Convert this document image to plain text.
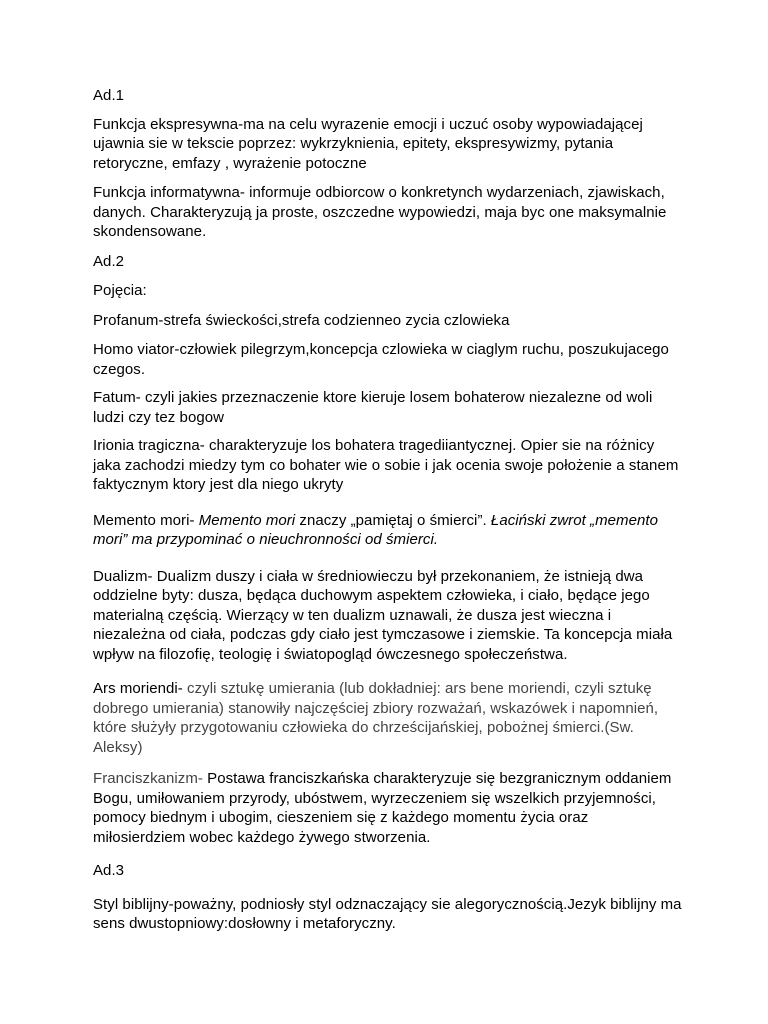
Ad.1

Funkcja ekspresywna-ma na celu wyrazenie emocji i uczuć osoby wypowiadającej ujawnia sie w tekscie poprzez: wykrzyknienia, epitety, ekspresywizmy, pytania retoryczne, emfazy , wyrażenie potoczne

Funkcja informatywna- informuje odbiorcow o konkretynch wydarzeniach, zjawiskach, danych. Charakteryzują ja proste, oszczedne wypowiedzi, maja byc one maksymalnie skondensowane.

Ad.2

Pojęcia:

Profanum-strefa świeckości,strefa codzienneo zycia czlowieka

Homo viator-człowiek pilegrzym,koncepcja czlowieka w ciaglym ruchu, poszukujacego czegos.

Fatum- czyli jakies przeznaczenie ktore kieruje losem bohaterow niezalezne od woli ludzi czy tez bogow

Irionia tragiczna- charakteryzuje los bohatera tragediiantycznej. Opier sie na różnicy jaka zachodzi miedzy tym co bohater wie o sobie i jak ocenia swoje położenie a stanem faktycznym ktory jest dla niego ukryty

Memento mori- Memento mori znaczy „pamiętaj o śmierci”. Łaciński zwrot „memento mori” ma przypominać o nieuchronności od śmierci.

Dualizm- Dualizm duszy i ciała w średniowieczu był przekonaniem, że istnieją dwa oddzielne byty: dusza, będąca duchowym aspektem człowieka, i ciało, będące jego materialną częścią. Wierzący w ten dualizm uznawali, że dusza jest wieczna i niezależna od ciała, podczas gdy ciało jest tymczasowe i ziemskie. Ta koncepcja miała wpływ na filozofię, teologię i światopogląd ówczesnego społeczeństwa.

Ars moriendi- czyli sztukę umierania (lub dokładniej: ars bene moriendi, czyli sztukę dobrego umierania) stanowiły najczęściej zbiory rozważań, wskazówek i napomnień, które służyły przygotowaniu człowieka do chrześcijańskiej, pobożnej śmierci.(Sw. Aleksy)

Franciszkanizm- Postawa franciszkańska charakteryzuje się bezgranicznym oddaniem Bogu, umiłowaniem przyrody, ubóstwem, wyrzeczeniem się wszelkich przyjemności, pomocy biednym i ubogim, cieszeniem się z każdego momentu życia oraz miłosierdziem wobec każdego żywego stworzenia.

Ad.3

Styl biblijny-poważny, podniosły styl odznaczający sie alegorycznością.Jezyk biblijny ma sens dwustopniowy:dosłowny i metaforyczny.
